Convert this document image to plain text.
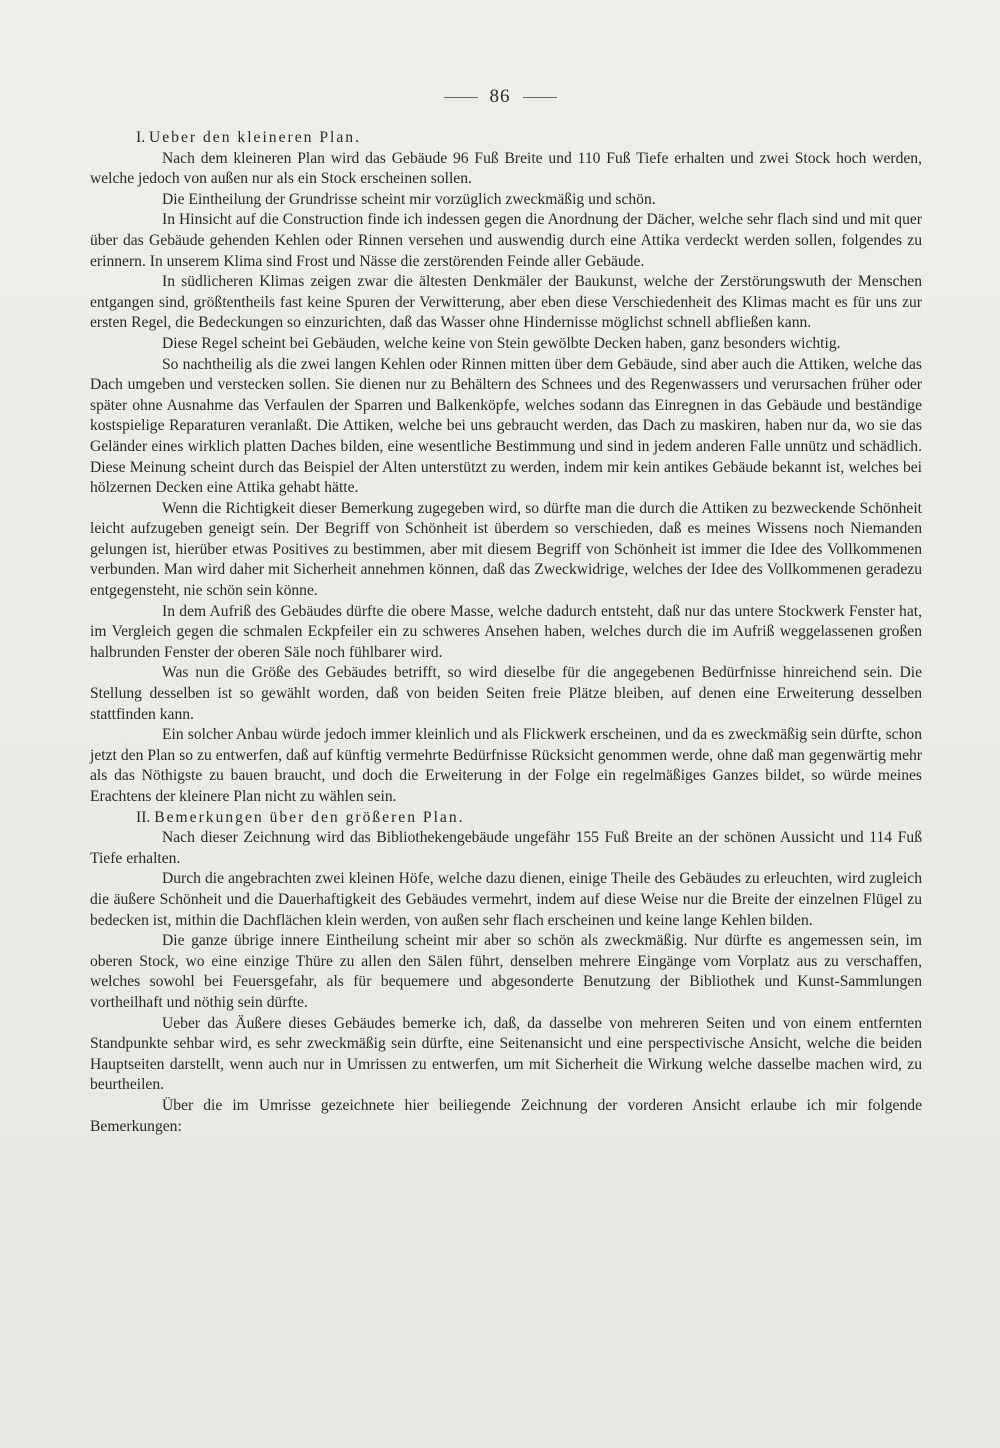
86
I. Ueber den kleineren Plan.

Nach dem kleineren Plan wird das Gebäude 96 Fuß Breite und 110 Fuß Tiefe erhalten und zwei Stock hoch werden, welche jedoch von außen nur als ein Stock erscheinen sollen.

Die Eintheilung der Grundrisse scheint mir vorzüglich zweckmäßig und schön.

In Hinsicht auf die Construction finde ich indessen gegen die Anordnung der Dächer, welche sehr flach sind und mit quer über das Gebäude gehenden Kehlen oder Rinnen versehen und auswendig durch eine Attika verdeckt werden sollen, folgendes zu erinnern. In unserem Klima sind Frost und Nässe die zerstörenden Feinde aller Gebäude.

In südlicheren Klimas zeigen zwar die ältesten Denkmäler der Baukunst, welche der Zerstörungswuth der Menschen entgangen sind, größtentheils fast keine Spuren der Verwitterung, aber eben diese Verschiedenheit des Klimas macht es für uns zur ersten Regel, die Bedeckungen so einzurichten, daß das Wasser ohne Hindernisse möglichst schnell abfließen kann.

Diese Regel scheint bei Gebäuden, welche keine von Stein gewölbte Decken haben, ganz besonders wichtig.

So nachtheilig als die zwei langen Kehlen oder Rinnen mitten über dem Gebäude, sind aber auch die Attiken, welche das Dach umgeben und verstecken sollen. Sie dienen nur zu Behältern des Schnees und des Regenwassers und verursachen früher oder später ohne Ausnahme das Verfaulen der Sparren und Balkenköpfe, welches sodann das Einregnen in das Gebäude und beständige kostspielige Reparaturen veranlaßt. Die Attiken, welche bei uns gebraucht werden, das Dach zu maskiren, haben nur da, wo sie das Geländer eines wirklich platten Daches bilden, eine wesentliche Bestimmung und sind in jedem anderen Falle unnütz und schädlich. Diese Meinung scheint durch das Beispiel der Alten unterstützt zu werden, indem mir kein antikes Gebäude bekannt ist, welches bei hölzernen Decken eine Attika gehabt hätte.

Wenn die Richtigkeit dieser Bemerkung zugegeben wird, so dürfte man die durch die Attiken zu bezweckende Schönheit leicht aufzugeben geneigt sein. Der Begriff von Schönheit ist überdem so verschieden, daß es meines Wissens noch Niemanden gelungen ist, hierüber etwas Positives zu bestimmen, aber mit diesem Begriff von Schönheit ist immer die Idee des Vollkommenen verbunden. Man wird daher mit Sicherheit annehmen können, daß das Zweckwidrige, welches der Idee des Vollkommenen geradezu entgegensteht, nie schön sein könne.

In dem Aufriß des Gebäudes dürfte die obere Masse, welche dadurch entsteht, daß nur das untere Stockwerk Fenster hat, im Vergleich gegen die schmalen Eckpfeiler ein zu schweres Ansehen haben, welches durch die im Aufriß weggelassenen großen halbrunden Fenster der oberen Säle noch fühlbarer wird.

Was nun die Größe des Gebäudes betrifft, so wird dieselbe für die angegebenen Bedürfnisse hinreichend sein. Die Stellung desselben ist so gewählt worden, daß von beiden Seiten freie Plätze bleiben, auf denen eine Erweiterung desselben stattfinden kann.

Ein solcher Anbau würde jedoch immer kleinlich und als Flickwerk erscheinen, und da es zweckmäßig sein dürfte, schon jetzt den Plan so zu entwerfen, daß auf künftig vermehrte Bedürfnisse Rücksicht genommen werde, ohne daß man gegenwärtig mehr als das Nöthigste zu bauen braucht, und doch die Erweiterung in der Folge ein regelmäßiges Ganzes bildet, so würde meines Erachtens der kleinere Plan nicht zu wählen sein.

II. Bemerkungen über den größeren Plan.

Nach dieser Zeichnung wird das Bibliothekengebäude ungefähr 155 Fuß Breite an der schönen Aussicht und 114 Fuß Tiefe erhalten.

Durch die angebrachten zwei kleinen Höfe, welche dazu dienen, einige Theile des Gebäudes zu erleuchten, wird zugleich die äußere Schönheit und die Dauerhaftigkeit des Gebäudes vermehrt, indem auf diese Weise nur die Breite der einzelnen Flügel zu bedecken ist, mithin die Dachflächen klein werden, von außen sehr flach erscheinen und keine lange Kehlen bilden.

Die ganze übrige innere Eintheilung scheint mir aber so schön als zweckmäßig. Nur dürfte es angemessen sein, im oberen Stock, wo eine einzige Thüre zu allen den Sälen führt, denselben mehrere Eingänge vom Vorplatz aus zu verschaffen, welches sowohl bei Feuersgefahr, als für bequemere und abgesonderte Benutzung der Bibliothek und Kunst-Sammlungen vortheilhaft und nöthig sein dürfte.

Ueber das Äußere dieses Gebäudes bemerke ich, daß, da dasselbe von mehreren Seiten und von einem entfernten Standpunkte sehbar wird, es sehr zweckmäßig sein dürfte, eine Seitenansicht und eine perspectivische Ansicht, welche die beiden Hauptseiten darstellt, wenn auch nur in Umrissen zu entwerfen, um mit Sicherheit die Wirkung welche dasselbe machen wird, zu beurtheilen.

Über die im Umrisse gezeichnete hier beiliegende Zeichnung der vorderen Ansicht erlaube ich mir folgende Bemerkungen:
